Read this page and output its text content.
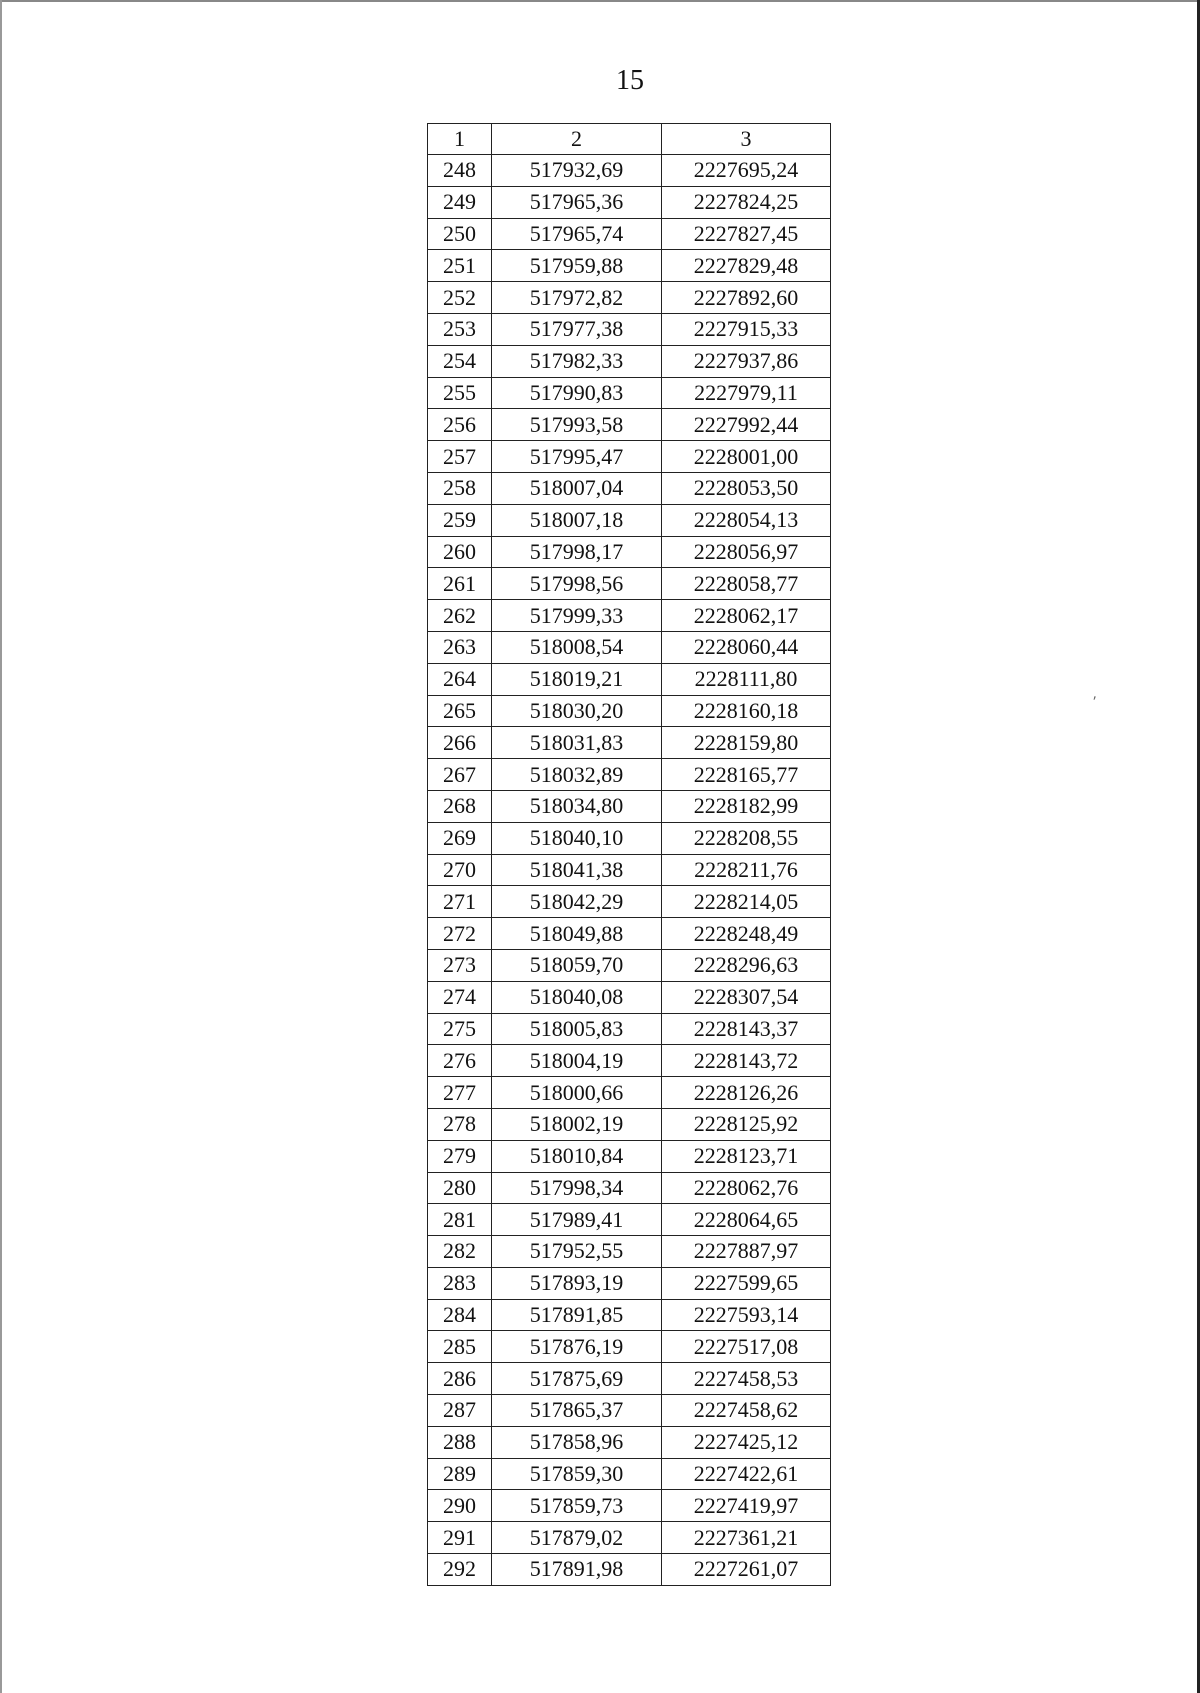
⸴
15
1	2	3
248	517932,69	2227695,24
249	517965,36	2227824,25
250	517965,74	2227827,45
251	517959,88	2227829,48
252	517972,82	2227892,60
253	517977,38	2227915,33
254	517982,33	2227937,86
255	517990,83	2227979,11
256	517993,58	2227992,44
257	517995,47	2228001,00
258	518007,04	2228053,50
259	518007,18	2228054,13
260	517998,17	2228056,97
261	517998,56	2228058,77
262	517999,33	2228062,17
263	518008,54	2228060,44
264	518019,21	2228111,80
265	518030,20	2228160,18
266	518031,83	2228159,80
267	518032,89	2228165,77
268	518034,80	2228182,99
269	518040,10	2228208,55
270	518041,38	2228211,76
271	518042,29	2228214,05
272	518049,88	2228248,49
273	518059,70	2228296,63
274	518040,08	2228307,54
275	518005,83	2228143,37
276	518004,19	2228143,72
277	518000,66	2228126,26
278	518002,19	2228125,92
279	518010,84	2228123,71
280	517998,34	2228062,76
281	517989,41	2228064,65
282	517952,55	2227887,97
283	517893,19	2227599,65
284	517891,85	2227593,14
285	517876,19	2227517,08
286	517875,69	2227458,53
287	517865,37	2227458,62
288	517858,96	2227425,12
289	517859,30	2227422,61
290	517859,73	2227419,97
291	517879,02	2227361,21
292	517891,98	2227261,07
